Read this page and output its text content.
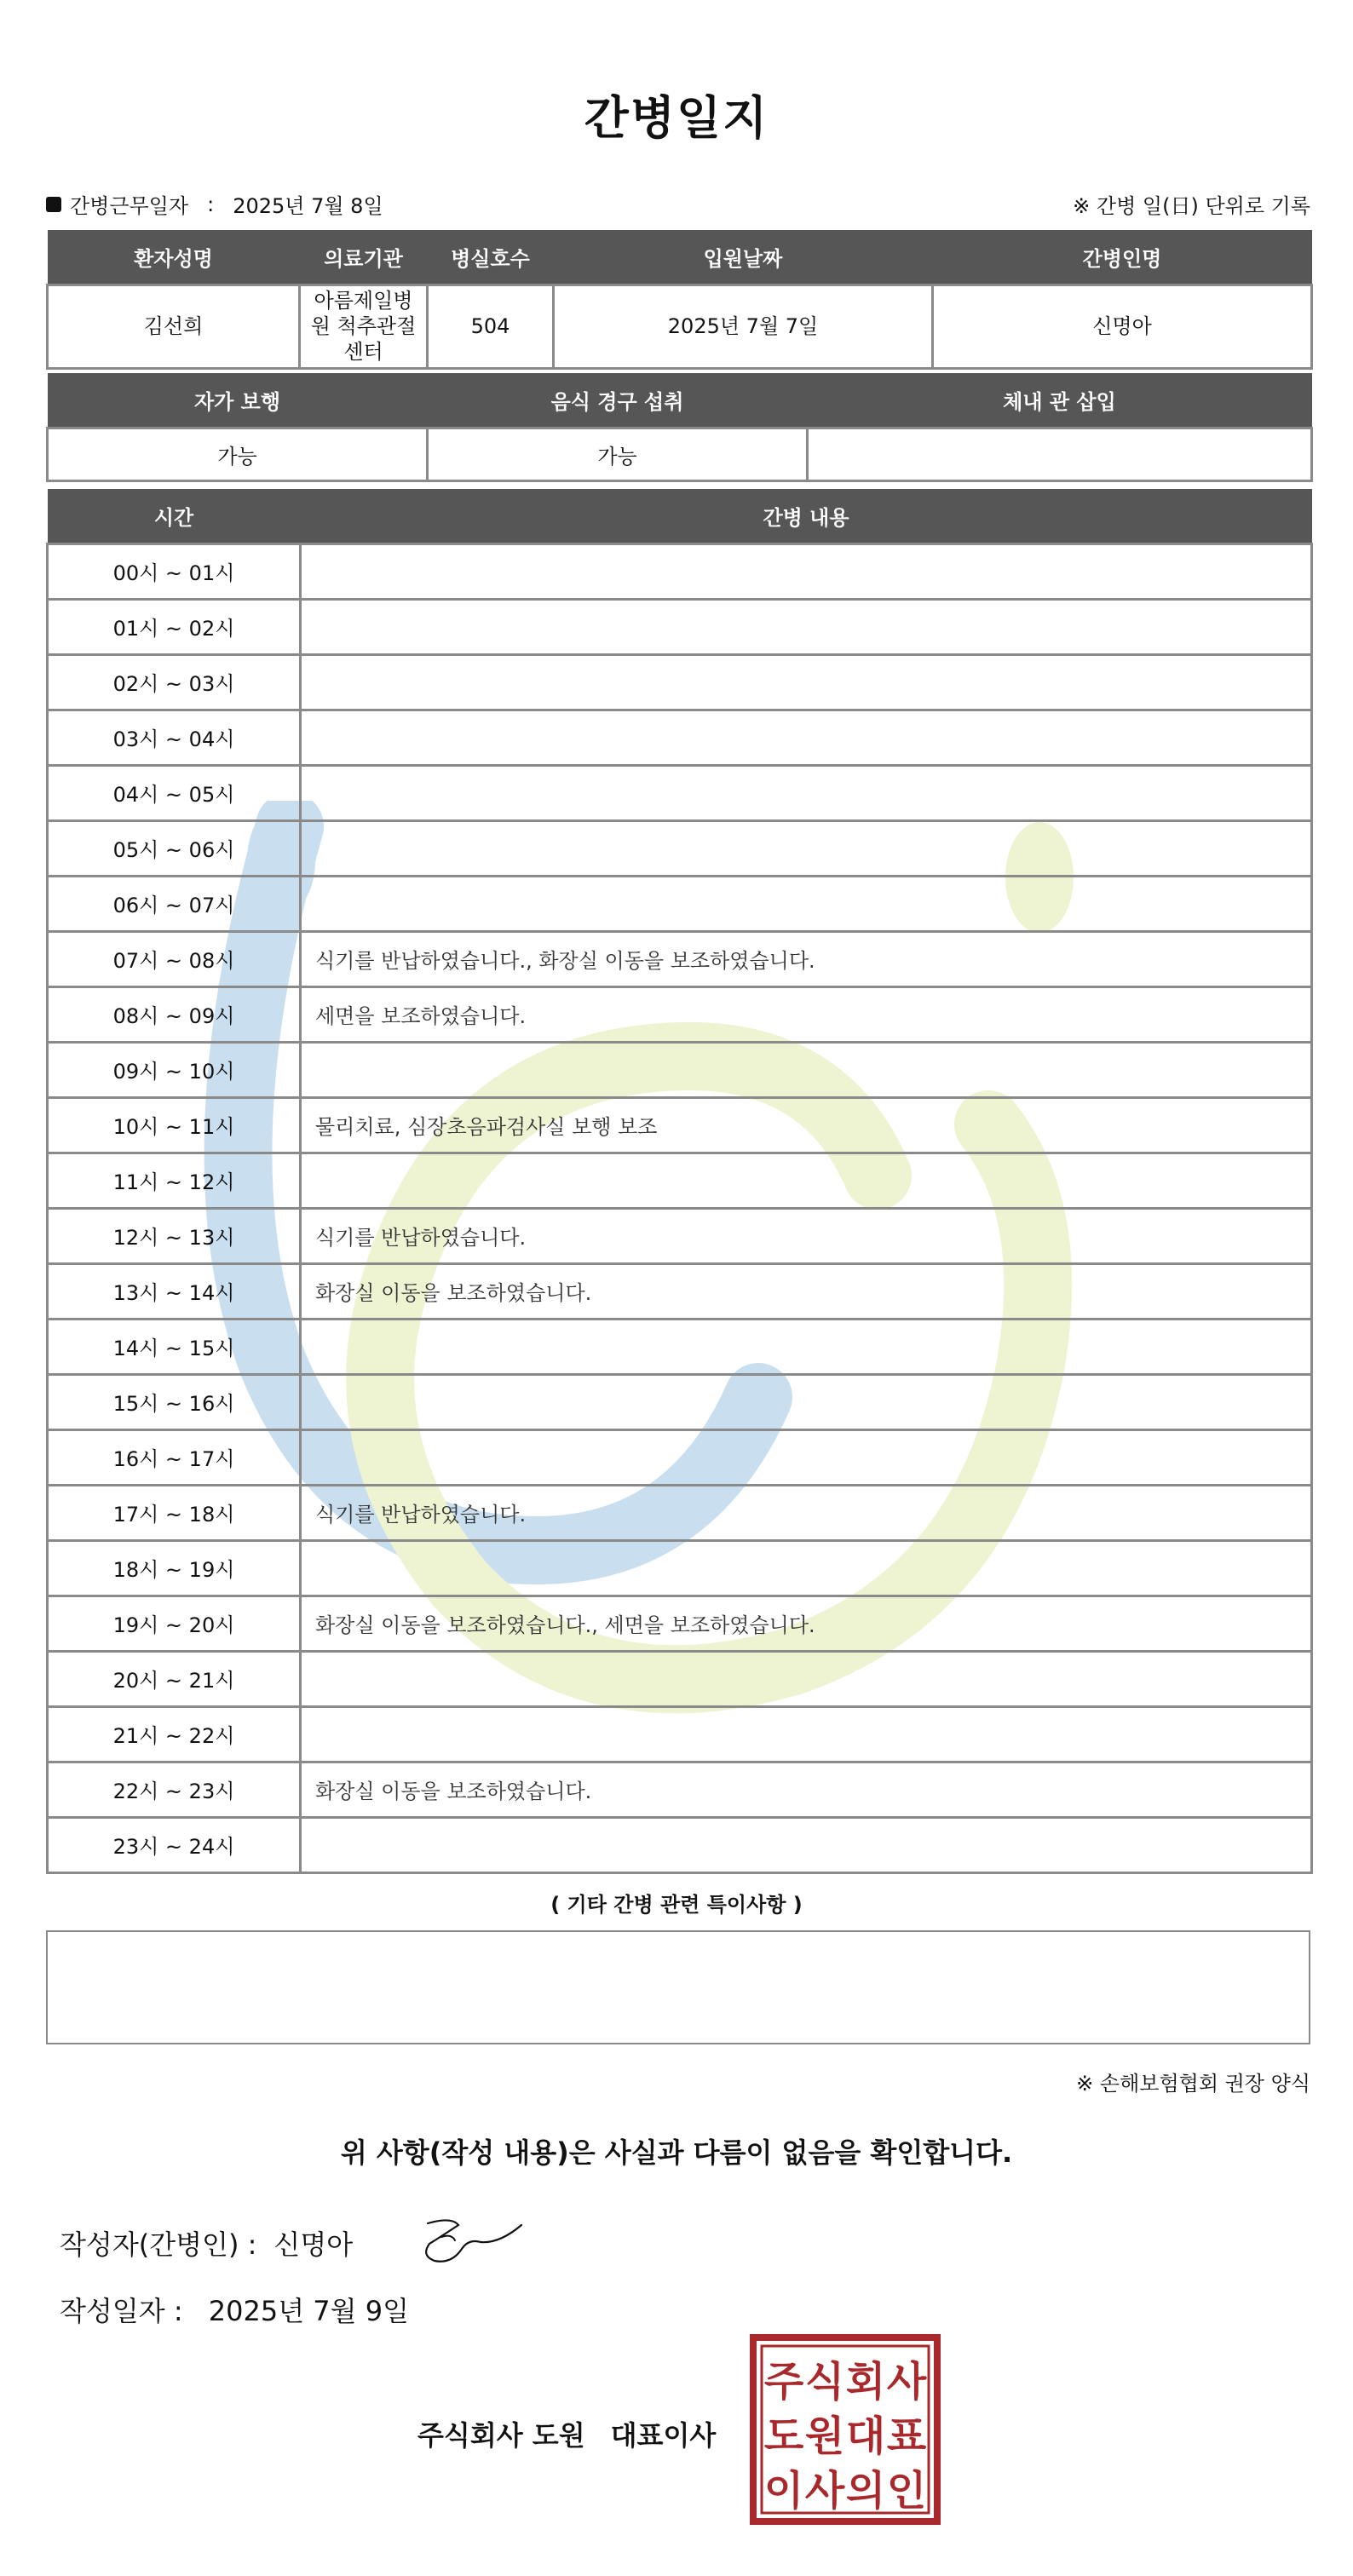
간병일지
간병근무일자 : 2025년 7월 8일	※ 간병 일(日) 단위로 기록
환자성명	의료기관	병실호수	입원날짜	간병인명
김선희	아름제일병원 척추관절센터	504	2025년 7월 7일	신명아
자가 보행	음식 경구 섭취	체내 관 삽입
가능	가능	
시간	간병 내용
00시 ~ 01시	
01시 ~ 02시	
02시 ~ 03시	
03시 ~ 04시	
04시 ~ 05시	
05시 ~ 06시	
06시 ~ 07시	
07시 ~ 08시	식기를 반납하였습니다., 화장실 이동을 보조하였습니다.
08시 ~ 09시	세면을 보조하였습니다.
09시 ~ 10시	
10시 ~ 11시	물리치료, 심장초음파검사실 보행 보조
11시 ~ 12시	
12시 ~ 13시	식기를 반납하였습니다.
13시 ~ 14시	화장실 이동을 보조하였습니다.
14시 ~ 15시	
15시 ~ 16시	
16시 ~ 17시	
17시 ~ 18시	식기를 반납하였습니다.
18시 ~ 19시	
19시 ~ 20시	화장실 이동을 보조하였습니다., 세면을 보조하였습니다.
20시 ~ 21시	
21시 ~ 22시	
22시 ~ 23시	화장실 이동을 보조하였습니다.
23시 ~ 24시	
( 기타 간병 관련 특이사항 )
※ 손해보험협회 권장 양식
위 사항(작성 내용)은 사실과 다름이 없음을 확인합니다.
작성자(간병인) : 신명아
작성일자 : 2025년 7월 9일
주식회사 도원 대표이사
주 식 회 사
도 원 대 표
이 사 의 인
